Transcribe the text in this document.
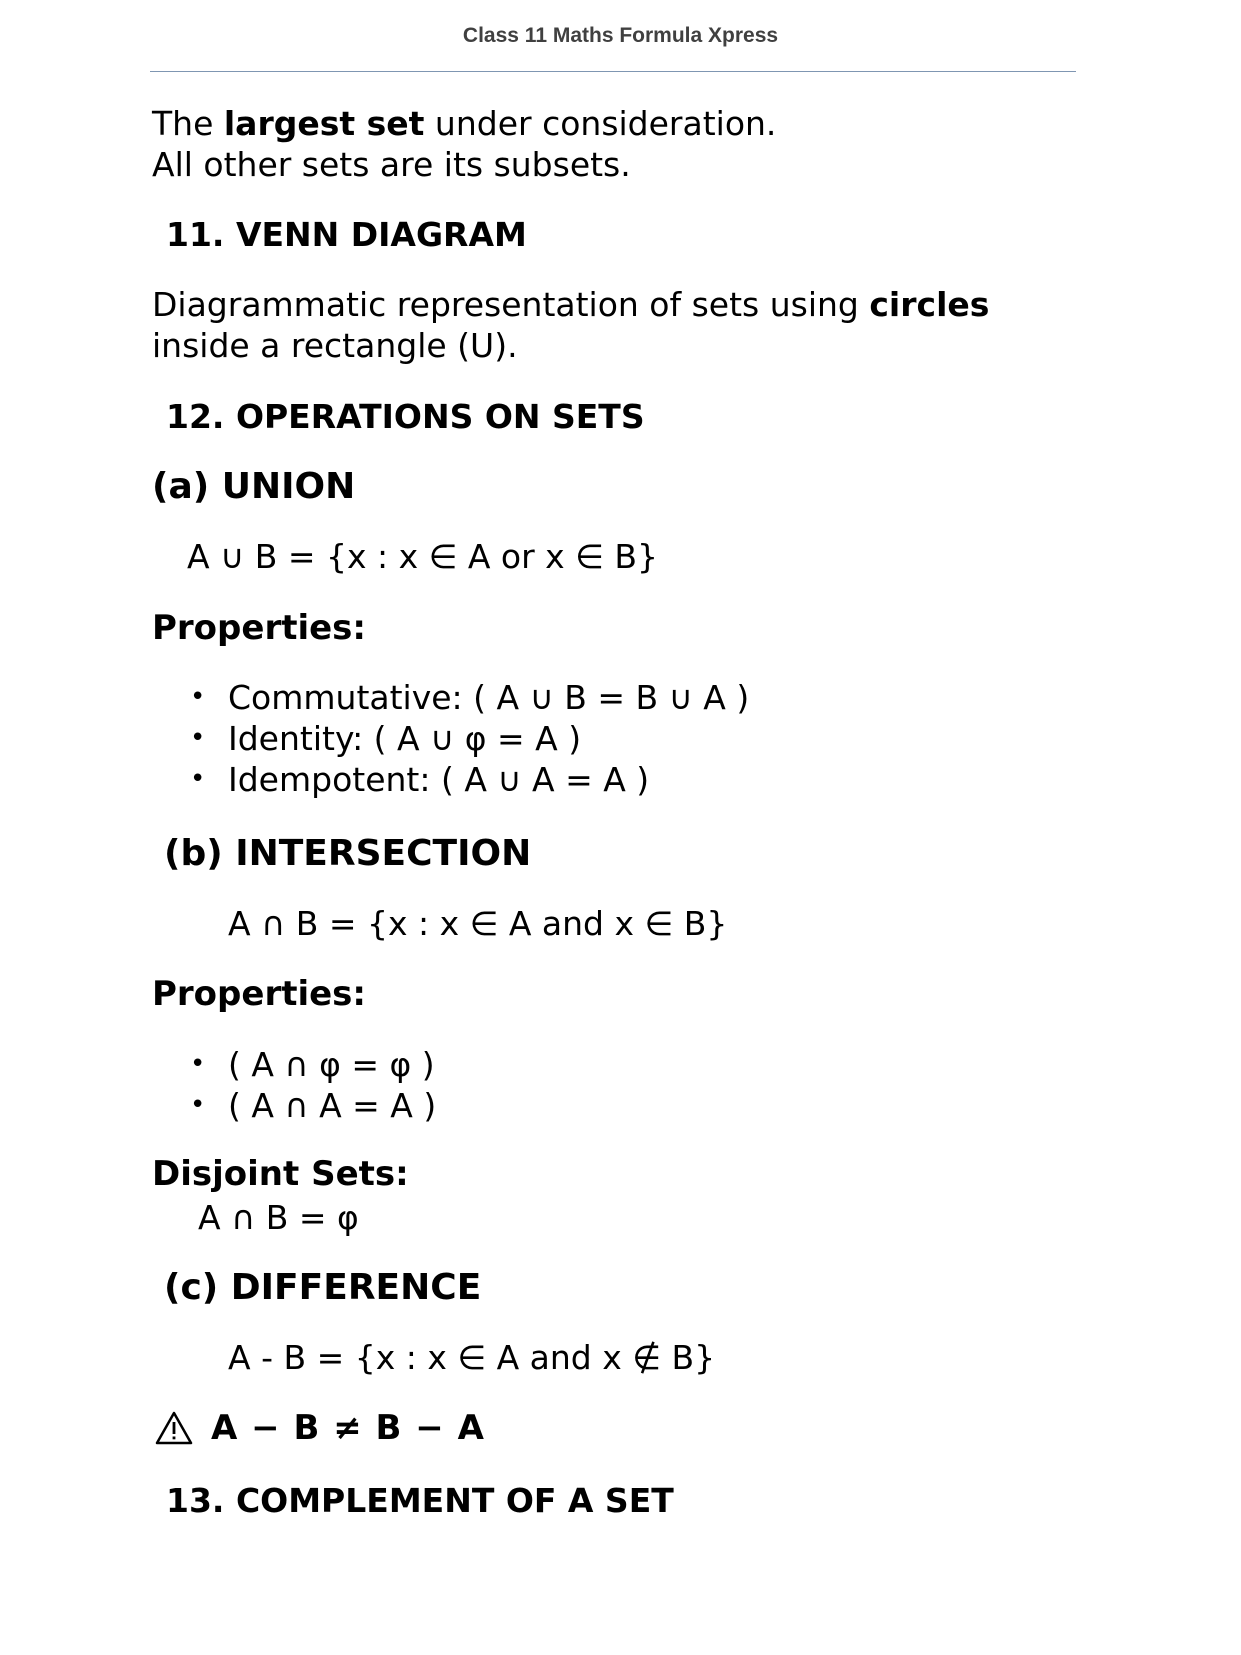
Class 11 Maths Formula Xpress
The largest set under consideration.
All other sets are its subsets.
11. VENN DIAGRAM
Diagrammatic representation of sets using circles
inside a rectangle (U).
12. OPERATIONS ON SETS
(a) UNION
A ∪ B = {x : x ∈ A or x ∈ B}
Properties:
• Commutative: ( A ∪ B = B ∪ A )
• Identity: ( A ∪ φ = A )
• Idempotent: ( A ∪ A = A )
(b) INTERSECTION
A ∩ B = {x : x ∈ A and x ∈ B}
Properties:
• ( A ∩ φ = φ )
• ( A ∩ A = A )
Disjoint Sets:
A ∩ B = φ
(c) DIFFERENCE
A - B = {x : x ∈ A and x ∉ B}
A − B ≠ B − A
13. COMPLEMENT OF A SET
